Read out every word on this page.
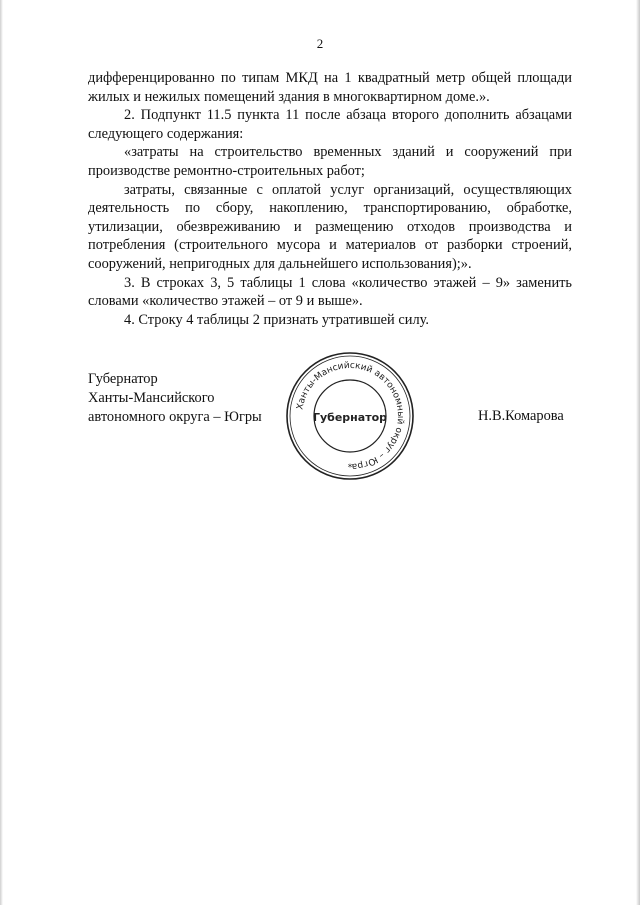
2

дифференцированно по типам МКД на 1 квадратный метр общей площади жилых и нежилых помещений здания в многоквартирном доме.».

2. Подпункт 11.5 пункта 11 после абзаца второго дополнить абзацами следующего содержания:

«затраты на строительство временных зданий и сооружений при производстве ремонтно-строительных работ;

затраты, связанные с оплатой услуг организаций, осуществляющих деятельность по сбору, накоплению, транспортированию, обработке, утилизации, обезвреживанию и размещению отходов производства и потребления (строительного мусора и материалов от разборки строений, сооружений, непригодных для дальнейшего использования);».

3. В строках 3, 5 таблицы 1 слова «количество этажей – 9» заменить словами «количество этажей – от 9 и выше».

4. Строку 4 таблицы 2 признать утратившей силу.

Губернатор
Ханты-Мансийского
автономного округа – Югры
Ханты-Мансийский автономный округ – Югра
Губернатор
*
Н.В.Комарова
